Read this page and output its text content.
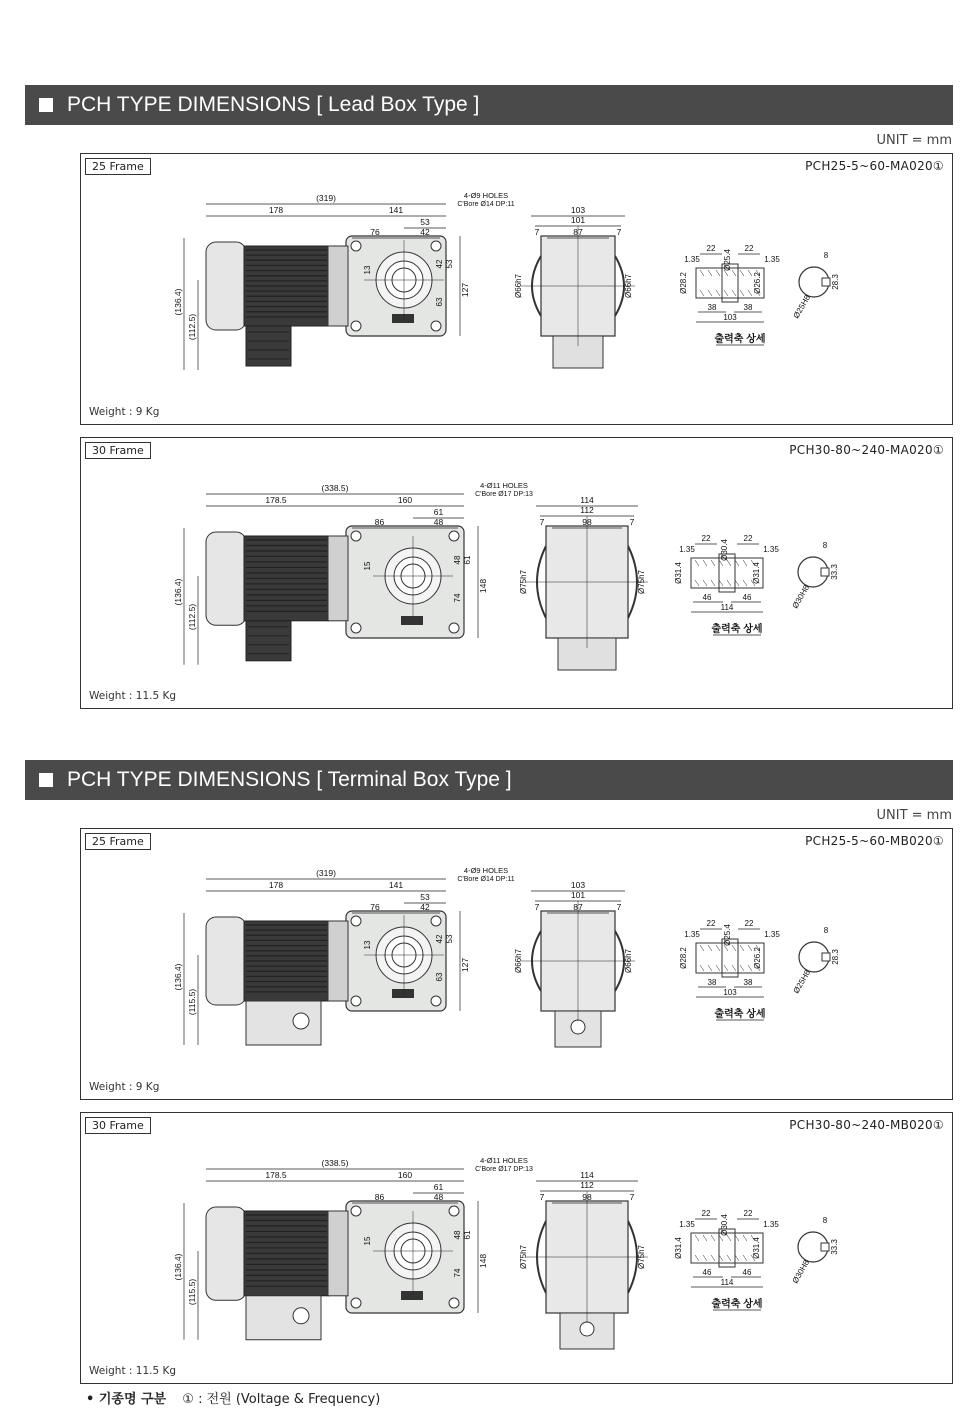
PCH TYPE DIMENSIONS [ Lead Box Type ]
UNIT = mm
25 Frame	PCH25-5~60-MA020①
Weight : 9 Kg
(319)
178	141
53
76	42
4-Ø9 HOLES
C'Bore Ø14 DP:11
(136.4)
(112.5)
127
42 53
63
13
103
101
87
7	7
Ø66h7	Ø66h7
22	22
1.35	1.35
Ø25.4
Ø28.2	Ø26.2
38	38
103
출력축 상세
8
28.3
Ø25H8
30 Frame	PCH30-80~240-MA020①
Weight : 11.5 Kg
(338.5)
178.5	160
61
86	48
4-Ø11 HOLES
C'Bore Ø17 DP:13
(136.4)
(112.5)
148
48 61
74
15
114
112
98
7	7
Ø75h7	Ø75h7
22	22
1.35	1.35
Ø30.4
Ø31.4	Ø31.4
46	46
114
출력축 상세
8
33.3
Ø30H8
PCH TYPE DIMENSIONS [ Terminal Box Type ]
UNIT = mm
25 Frame	PCH25-5~60-MB020①
Weight : 9 Kg
(319)
178	141
53
76	42
4-Ø9 HOLES
C'Bore Ø14 DP:11
(136.4)
(115.5)
127
42 53
63
13
103
101
87
7	7
Ø66h7	Ø66h7
22	22
1.35	1.35
Ø25.4
Ø28.2	Ø26.2
38	38
103
출력축 상세
8
28.3
Ø25H8
30 Frame	PCH30-80~240-MB020①
Weight : 11.5 Kg
(338.5)
178.5	160
61
86	48
4-Ø11 HOLES
C'Bore Ø17 DP:13
(136.4)
(115.5)
148
48 61
74
15
114
112
98
7	7
Ø75h7	Ø75h7
22	22
1.35	1.35
Ø30.4
Ø31.4	Ø31.4
46	46
114
출력축 상세
8
33.3
Ø30H8
• 기종명 구분 ① : 전원 (Voltage & Frequency)
